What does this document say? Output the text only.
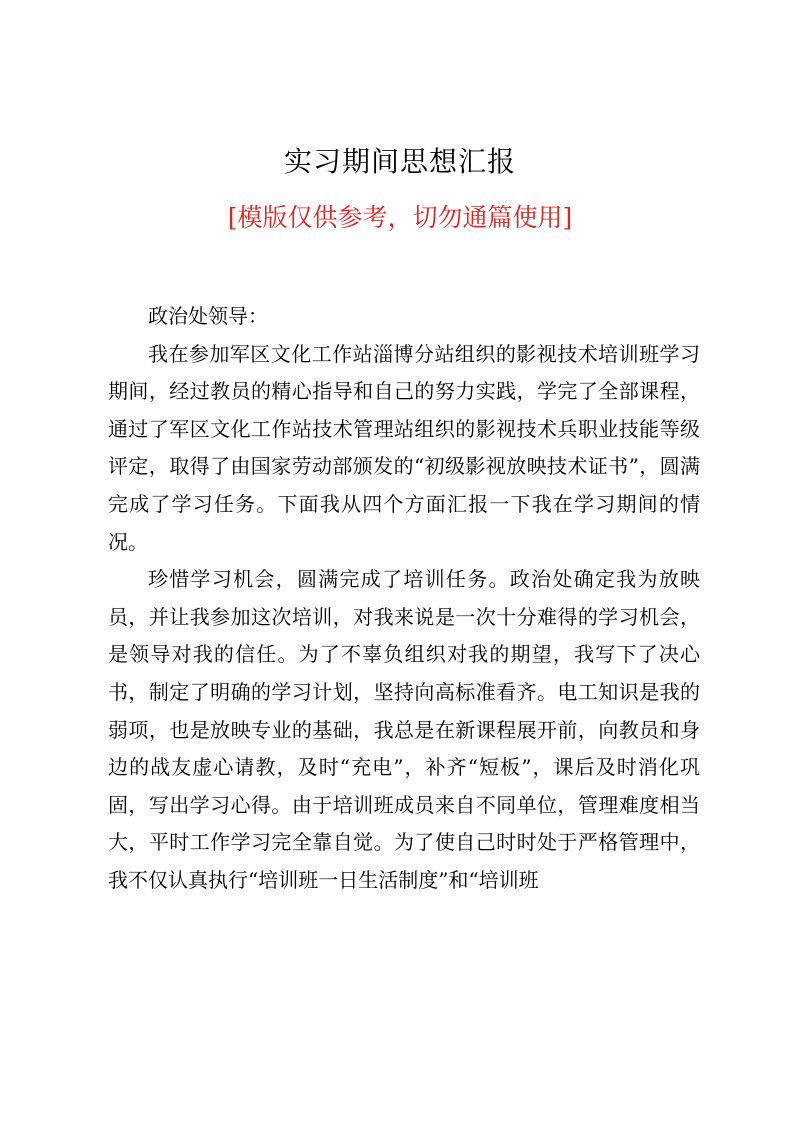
实习期间思想汇报
[模版仅供参考，切勿通篇使用]

政治处领导：

我在参加军区文化工作站淄博分站组织的影视技术培训班学习期间，经过教员的精心指导和自己的努力实践，学完了全部课程，通过了军区文化工作站技术管理站组织的影视技术兵职业技能等级评定，取得了由国家劳动部颁发的“初级影视放映技术证书”，圆满完成了学习任务。下面我从四个方面汇报一下我在学习期间的情况。

珍惜学习机会，圆满完成了培训任务。政治处确定我为放映员，并让我参加这次培训，对我来说是一次十分难得的学习机会，是领导对我的信任。为了不辜负组织对我的期望，我写下了决心书，制定了明确的学习计划，坚持向高标准看齐。电工知识是我的弱项，也是放映专业的基础，我总是在新课程展开前，向教员和身边的战友虚心请教，及时“充电”，补齐“短板”，课后及时消化巩固，写出学习心得。由于培训班成员来自不同单位，管理难度相当大，平时工作学习完全靠自觉。为了使自己时时处于严格管理中，我不仅认真执行“培训班一日生活制度”和“培训班
